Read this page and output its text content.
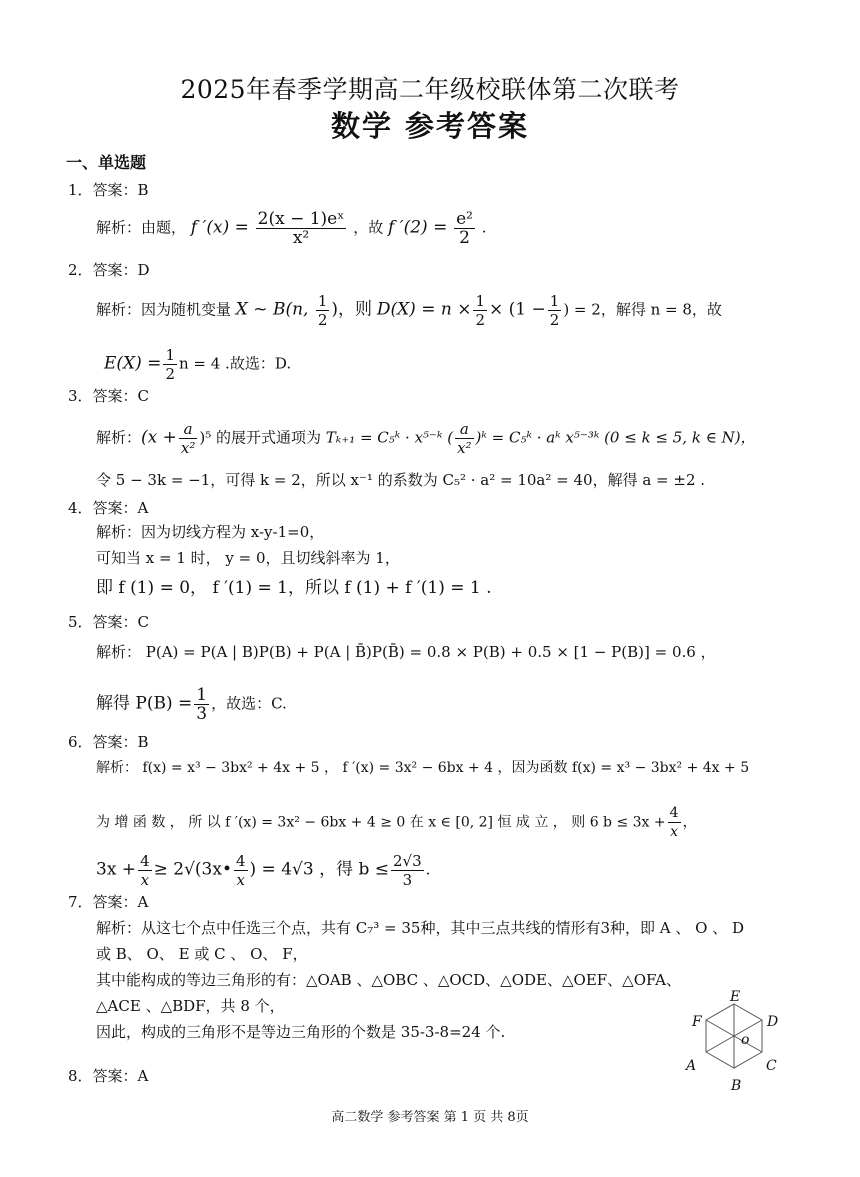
2025年春季学期高二年级校联体第二次联考
数学 参考答案
一、单选题
1．答案：B
解析：由题， f $'(x) = \frac{\text{2(x − 1)eˣ}}{\text{x²}}$ ，故 f $'(2) = \frac{\text{e²}}{2}$ .
2．答案：D
解析：因为随机变量 X ~ B(n, $\frac{1}{2}$ )，则 $D(X) = n \times \frac{1}{2} \times (1 - \frac{1}{2}$ ) = 2，解得 n = 8，故
$E(X) = \frac{1}{2}$ n = 4 .故选：D.
3．答案：C
解析：$(x + \frac{a}{\text{x²}} )^5$ 的展开式通项为 Tₖ₊₁ = C₅ᵏ · x⁵⁻ᵏ ( $\frac{a}{\text{x²}}$ )ᵏ = C₅ᵏ · aᵏ x⁵⁻³ᵏ (0 ≤ k ≤ 5, k ∈ N)，
令 5 − 3k = −1，可得 k = 2，所以 x⁻¹ 的系数为 C₅² · a² = 10a² = 40，解得 a = ±2 .
4．答案：A
解析：因为切线方程为 x-y-1=0，
可知当 x = 1 时， y = 0，且切线斜率为 1，
即 f (1) = 0， f ′(1) = 1，所以 f (1) + f ′(1) = 1 .
5．答案：C
解析： P(A) = P(A | B)P(B) + P(A | B̄)P(B̄) = 0.8 × P(B) + 0.5 × [1 − P(B)] = 0.6 ，
解得 $P(B) = \frac{1}{3}$ ，故选：C.
6．答案：B
解析： f(x) = x³ − 3bx² + 4x + 5 ， f ′(x) = 3x² − 6bx + 4 ，因为函数 f(x) = x³ − 3bx² + 4x + 5
为 增 函 数 ， 所 以 f ′(x) = 3x² − 6bx + 4 ≥ 0 在 x ∈ [0, 2] 恒 成 立 ， 则 6 $b \le 3x + \frac{4}{x}$ ，
$3x + \frac{4}{x}$ ≥ 2√(3x• $\frac{4}{x}$ ) = 4√3 ，得 $b \le \frac{2√3}{3}$ .
7．答案：A
解析：从这七个点中任选三个点，共有 C₇³ = 35种，其中三点共线的情形有3种，即 A 、 O 、 D
或 B、 O、 E 或 C 、 O、 F，
其中能构成的等边三角形的有：△OAB 、△OBC 、△OCD、△ODE、△OEF、△OFA、
△ACE 、△BDF，共 8 个，
因此，构成的三角形不是等边三角形的个数是 35-3-8=24 个.
E
D
C
B
A
F
o
8．答案：A
高二数学 参考答案 第 1 页 共 8页
